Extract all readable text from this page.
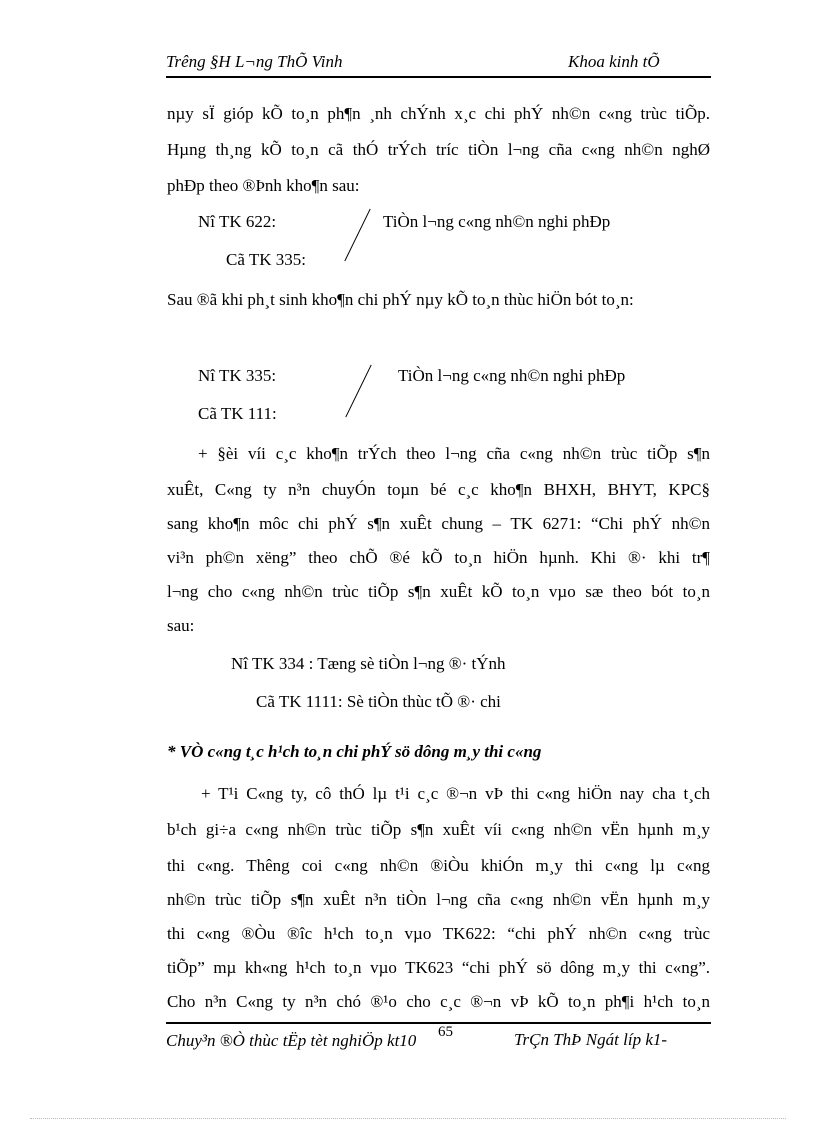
Trêng §H L¬ng ThÕ Vinh	Khoa kinh tÕ
nµy sÏ gióp kÕ to¸n ph¶n ¸nh chÝnh x¸c chi phÝ nh©n c«ng trùc tiÕp.
Hµng th¸ng kÕ to¸n cã thÓ trÝch tríc tiÒn l¬ng cña c«ng nh©n nghØ
phÐp theo ®Þnh kho¶n sau:
Nî TK 622:	TiÒn l¬ng c«ng nh©n nghi phÐp
Cã TK 335:
Sau ®ã khi ph¸t sinh kho¶n chi phÝ nµy kÕ to¸n thùc hiÖn bót to¸n:
Nî TK 335:	TiÒn l¬ng c«ng nh©n nghi phÐp
Cã TK 111:
+ §èi víi c¸c kho¶n trÝch theo l¬ng cña c«ng nh©n trùc tiÕp s¶n
xuÊt, C«ng ty n³n chuyÓn toµn bé c¸c kho¶n BHXH, BHYT, KPC§
sang kho¶n môc chi phÝ s¶n xuÊt chung – TK 6271: “Chi phÝ nh©n
vi³n ph©n xëng” theo chÕ ®é kÕ to¸n hiÖn hµnh. Khi ®· khi tr¶
l¬ng cho c«ng nh©n trùc tiÕp s¶n xuÊt kÕ to¸n vµo sæ theo bót to¸n
sau:
Nî TK 334 : Tæng sè tiÒn l¬ng ®· tÝnh
Cã TK 1111: Sè tiÒn thùc tÕ ®· chi
* VÒ c«ng t¸c h¹ch to¸n chi phÝ sö dông m¸y thi c«ng
+ T¹i C«ng ty, cô thÓ lµ t¹i c¸c ®¬n vÞ thi c«ng hiÖn nay cha t¸ch
b¹ch gi÷a c«ng nh©n trùc tiÕp s¶n xuÊt víi c«ng nh©n vËn hµnh m¸y
thi c«ng. Thêng coi c«ng nh©n ®iÒu khiÓn m¸y thi c«ng lµ c«ng
nh©n trùc tiÕp s¶n xuÊt n³n tiÒn l¬ng cña c«ng nh©n vËn hµnh m¸y
thi c«ng ®Òu ®îc h¹ch to¸n vµo TK622: “chi phÝ nh©n c«ng trùc
tiÕp” mµ kh«ng h¹ch to¸n vµo TK623 “chi phÝ sö dông m¸y thi c«ng”.
Cho n³n C«ng ty n³n chó ®¹o cho c¸c ®¬n vÞ kÕ to¸n ph¶i h¹ch to¸n
Chuy³n ®Ò thùc tËp tèt nghiÖp kt10	65	TrÇn ThÞ Ngát líp k1-
